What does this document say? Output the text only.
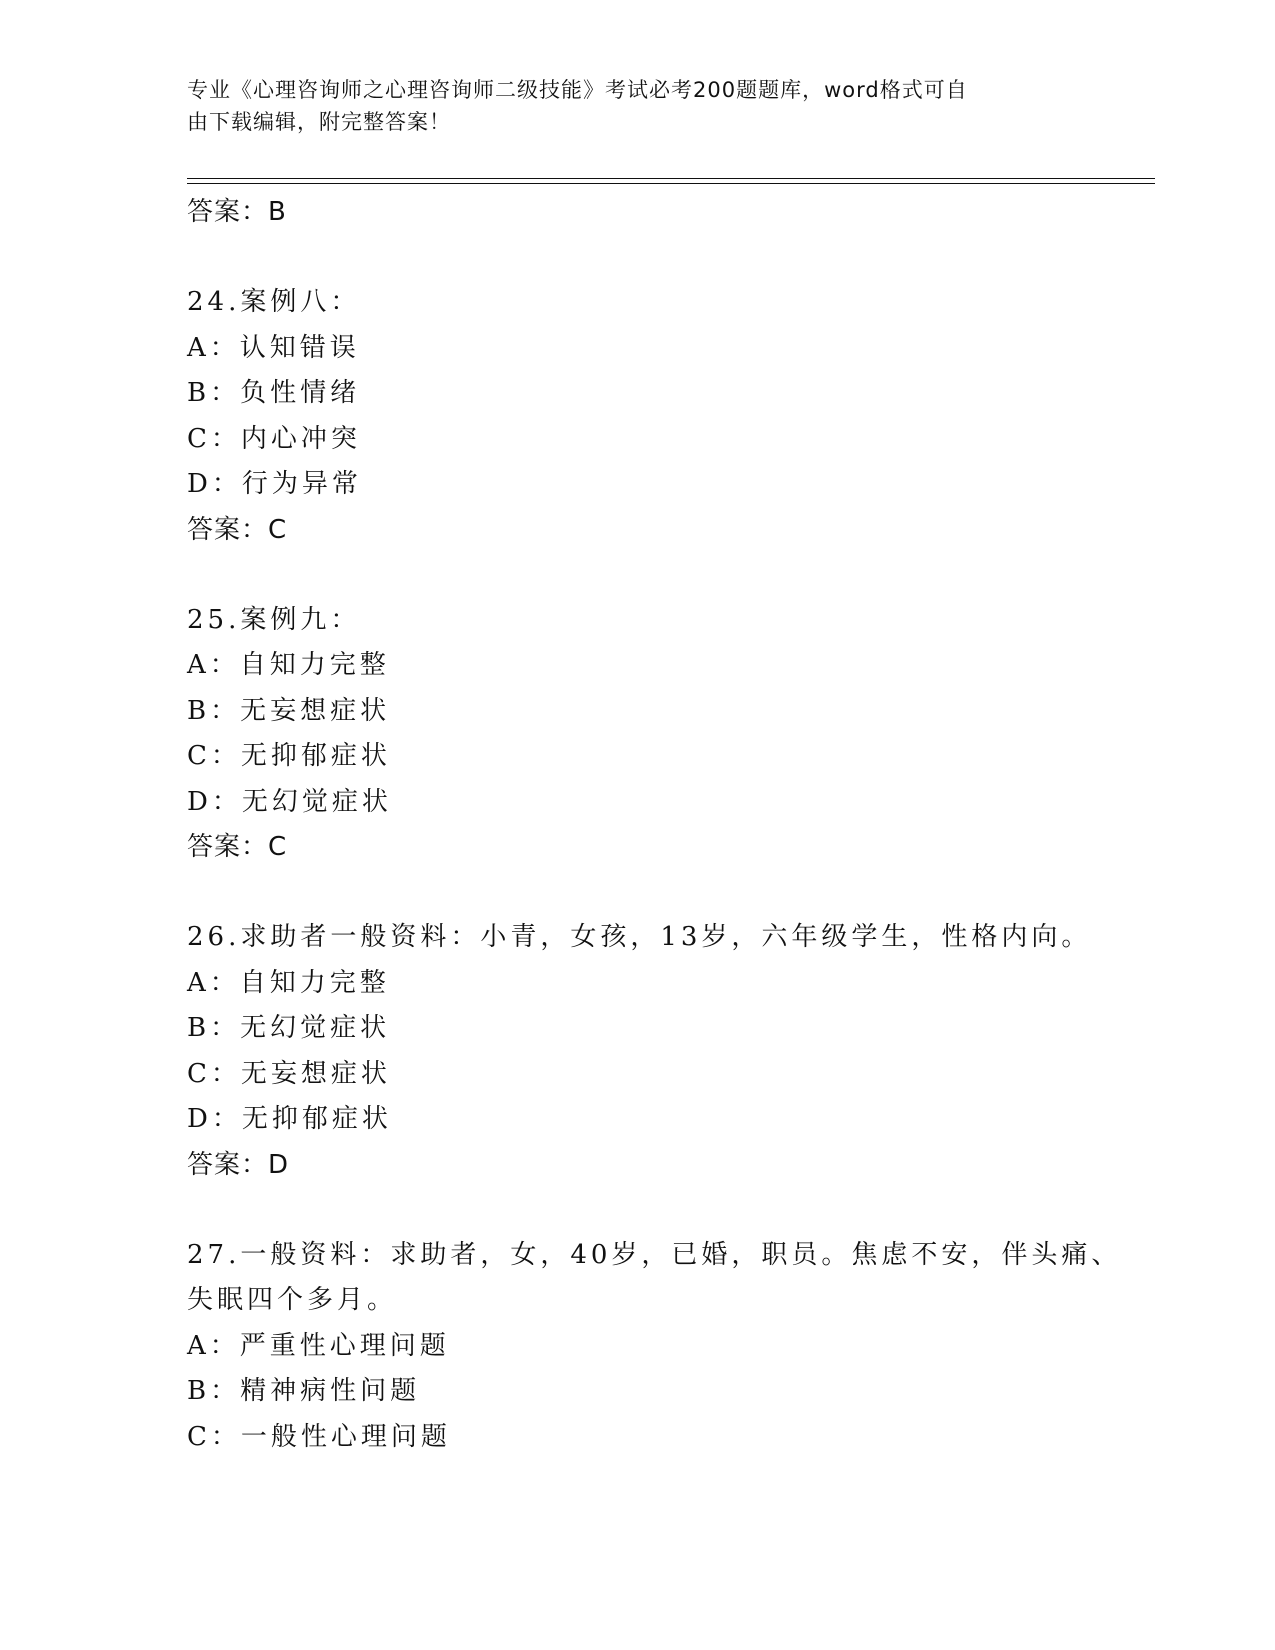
专业《心理咨询师之心理咨询师二级技能》考试必考200题题库，word格式可自
由下载编辑，附完整答案！
答案：B
24.案例八：
A：认知错误
B：负性情绪
C：内心冲突
D：行为异常
答案：C
25.案例九：
A：自知力完整
B：无妄想症状
C：无抑郁症状
D：无幻觉症状
答案：C
26.求助者一般资料：小青，女孩，13岁，六年级学生，性格内向。
A：自知力完整
B：无幻觉症状
C：无妄想症状
D：无抑郁症状
答案：D
27.一般资料：求助者，女，40岁，已婚，职员。焦虑不安，伴头痛、
失眠四个多月。
A：严重性心理问题
B：精神病性问题
C：一般性心理问题
